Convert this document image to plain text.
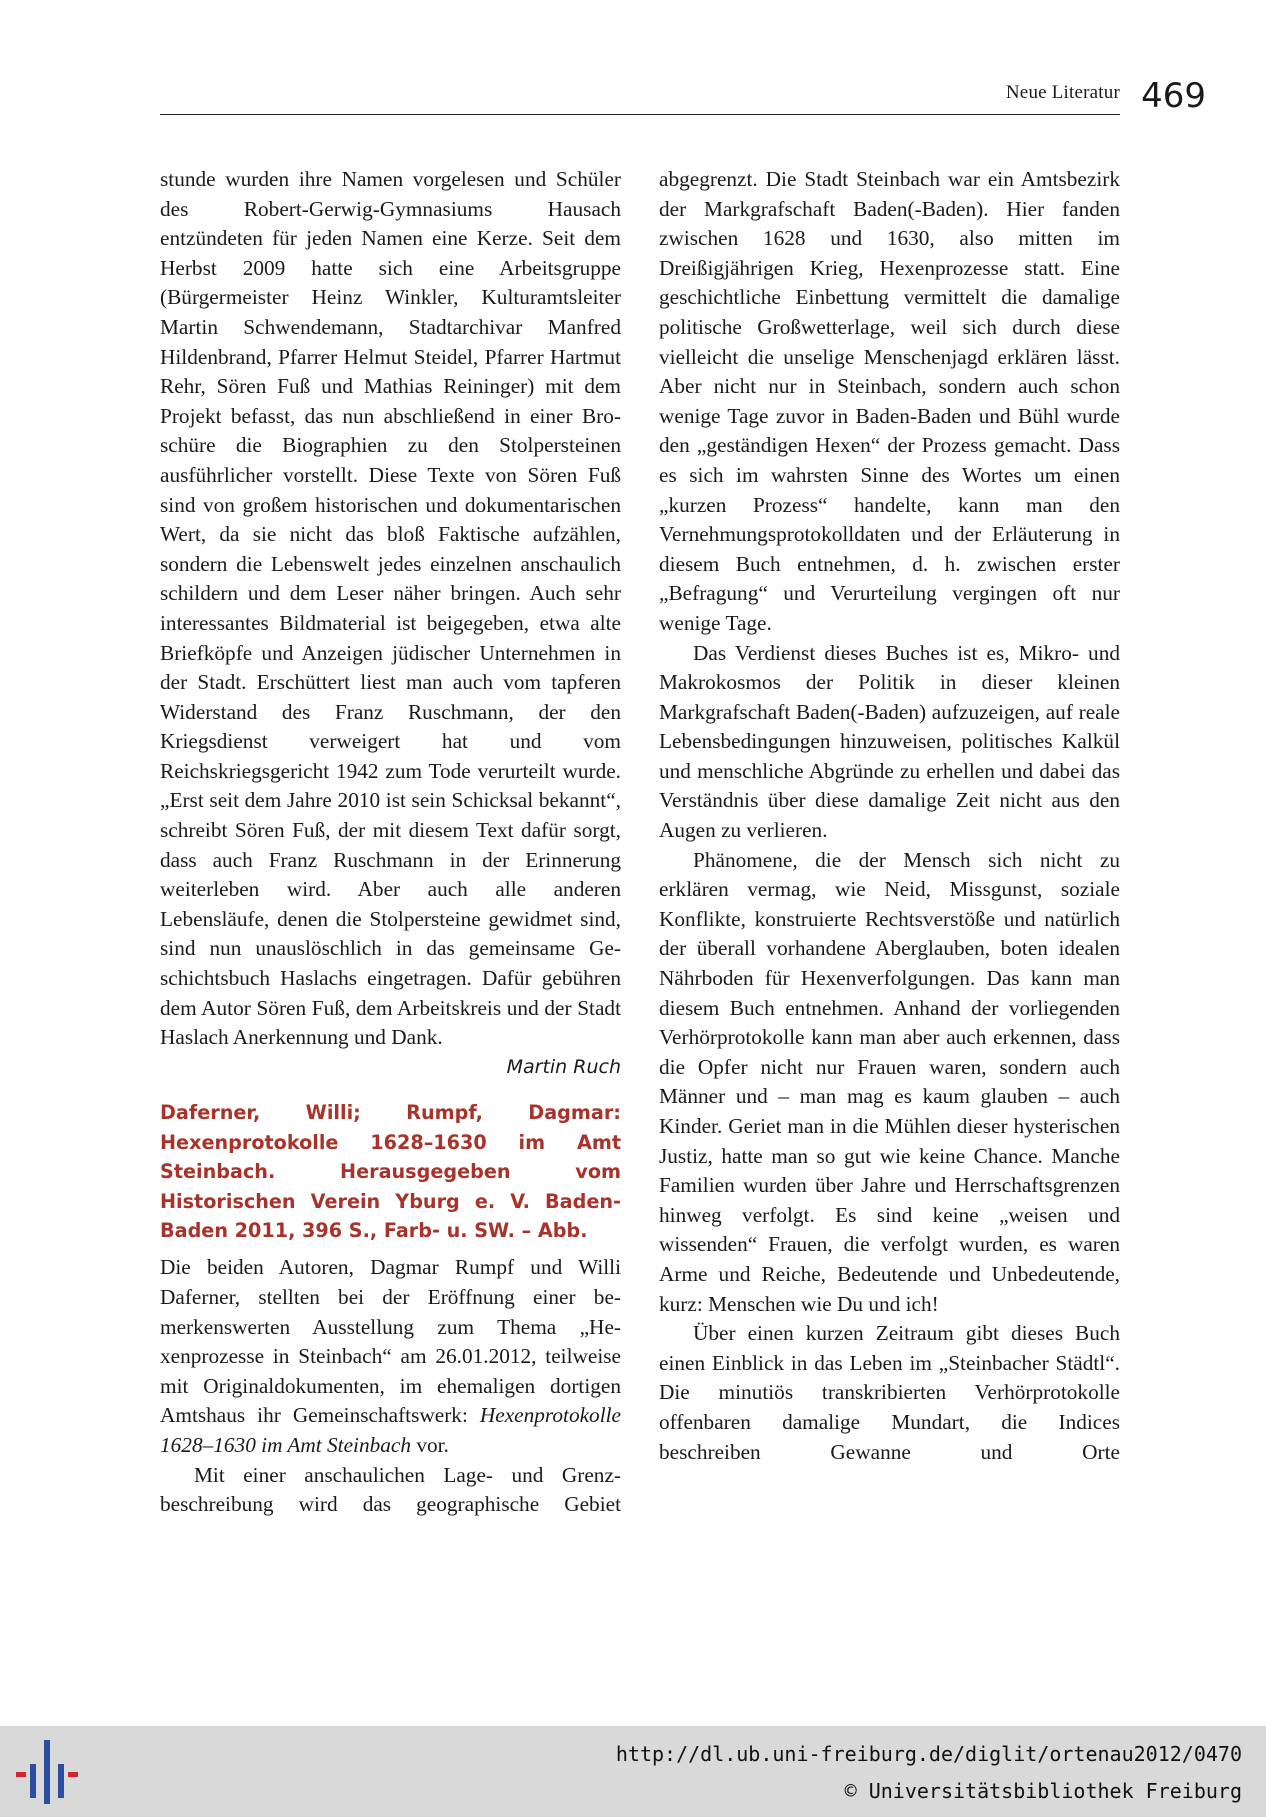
Neue Literatur 469

stunde wurden ihre Namen vorgelesen und Schüler des Robert-Gerwig-Gymnasiums Hausach entzündeten für jeden Namen eine Kerze. Seit dem Herbst 2009 hatte sich eine Arbeitsgruppe (Bürgermeister Heinz Winkler, Kulturamtsleiter Martin Schwendemann, Stadtarchivar Manfred Hildenbrand, Pfarrer Helmut Steidel, Pfarrer Hartmut Rehr, Sören Fuß und Mathias Reininger) mit dem Projekt befasst, das nun abschließend in einer Broschüre die Biographien zu den Stolpersteinen ausführlicher vorstellt. Diese Texte von Sören Fuß sind von großem historischen und dokumentarischen Wert, da sie nicht das bloß Faktische aufzählen, sondern die Lebenswelt jedes einzelnen anschaulich schildern und dem Leser näher bringen. Auch sehr interessantes Bildmaterial ist beigegeben, etwa alte Briefköpfe und Anzeigen jüdischer Unternehmen in der Stadt. Erschüttert liest man auch vom tapferen Widerstand des Franz Ruschmann, der den Kriegsdienst verweigert hat und vom Reichskriegsgericht 1942 zum Tode verurteilt wurde. „Erst seit dem Jahre 2010 ist sein Schicksal bekannt“, schreibt Sören Fuß, der mit diesem Text dafür sorgt, dass auch Franz Ruschmann in der Erinnerung weiterleben wird. Aber auch alle anderen Lebensläufe, denen die Stolpersteine gewidmet sind, sind nun unauslöschlich in das gemeinsame Geschichtsbuch Haslachs eingetragen. Dafür gebühren dem Autor Sören Fuß, dem Arbeitskreis und der Stadt Haslach Anerkennung und Dank.

Martin Ruch

Daferner, Willi; Rumpf, Dagmar: Hexenprotokolle 1628–1630 im Amt Steinbach. Herausgegeben vom Historischen Verein Yburg e. V. Baden-Baden 2011, 396 S., Farb- u. SW. – Abb.

Die beiden Autoren, Dagmar Rumpf und Willi Daferner, stellten bei der Eröffnung einer bemerkenswerten Ausstellung zum Thema „Hexenprozesse in Steinbach“ am 26.01.2012, teilweise mit Originaldokumenten, im ehemaligen dortigen Amtshaus ihr Gemeinschaftswerk: Hexenprotokolle 1628–1630 im Amt Steinbach vor.

Mit einer anschaulichen Lage- und Grenzbeschreibung wird das geographische Gebiet

abgegrenzt. Die Stadt Steinbach war ein Amtsbezirk der Markgrafschaft Baden(-Baden). Hier fanden zwischen 1628 und 1630, also mitten im Dreißigjährigen Krieg, Hexenprozesse statt. Eine geschichtliche Einbettung vermittelt die damalige politische Großwetterlage, weil sich durch diese vielleicht die unselige Menschenjagd erklären lässt. Aber nicht nur in Steinbach, sondern auch schon wenige Tage zuvor in Baden-Baden und Bühl wurde den „geständigen Hexen“ der Prozess gemacht. Dass es sich im wahrsten Sinne des Wortes um einen „kurzen Prozess“ handelte, kann man den Vernehmungsprotokolldaten und der Erläuterung in diesem Buch entnehmen, d. h. zwischen erster „Befragung“ und Verurteilung vergingen oft nur wenige Tage.

Das Verdienst dieses Buches ist es, Mikro- und Makrokosmos der Politik in dieser kleinen Markgrafschaft Baden(-Baden) aufzuzeigen, auf reale Lebensbedingungen hinzuweisen, politisches Kalkül und menschliche Abgründe zu erhellen und dabei das Verständnis über diese damalige Zeit nicht aus den Augen zu verlieren.

Phänomene, die der Mensch sich nicht zu erklären vermag, wie Neid, Missgunst, soziale Konflikte, konstruierte Rechtsverstöße und natürlich der überall vorhandene Aberglauben, boten idealen Nährboden für Hexenverfolgungen. Das kann man diesem Buch entnehmen. Anhand der vorliegenden Verhörprotokolle kann man aber auch erkennen, dass die Opfer nicht nur Frauen waren, sondern auch Männer und – man mag es kaum glauben – auch Kinder. Geriet man in die Mühlen dieser hysterischen Justiz, hatte man so gut wie keine Chance. Manche Familien wurden über Jahre und Herrschaftsgrenzen hinweg verfolgt. Es sind keine „weisen und wissenden“ Frauen, die verfolgt wurden, es waren Arme und Reiche, Bedeutende und Unbedeutende, kurz: Menschen wie Du und ich!

Über einen kurzen Zeitraum gibt dieses Buch einen Einblick in das Leben im „Steinbacher Städtl“. Die minutiös transkribierten Verhörprotokolle offenbaren damalige Mundart, die Indices beschreiben Gewanne und Orte

http://dl.ub.uni-freiburg.de/diglit/ortenau2012/0470
© Universitätsbibliothek Freiburg
